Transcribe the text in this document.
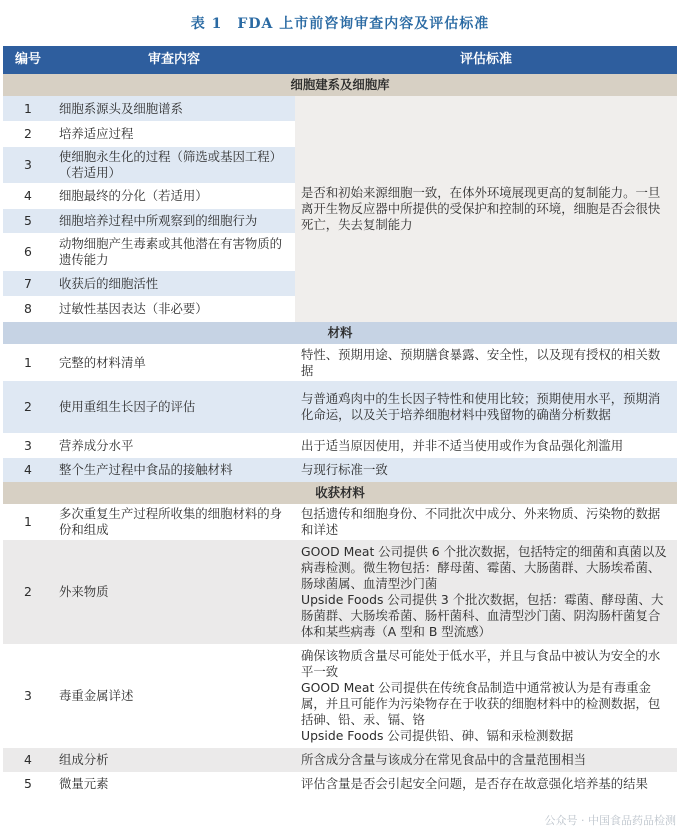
表 1　FDA 上市前咨询审查内容及评估标准
编号	审查内容	评估标准
细胞建系及细胞库		
1	细胞系源头及细胞谱系	是否和初始来源细胞一致，在体外环境展现更高的复制能力。一旦离开生物反应器中所提供的受保护和控制的环境，细胞是否会很快死亡，失去复制能力
2	培养适应过程	
3	使细胞永生化的过程（筛选或基因工程）（若适用）	
4	细胞最终的分化（若适用）	
5	细胞培养过程中所观察到的细胞行为	
6	动物细胞产生毒素或其他潜在有害物质的遗传能力	
7	收获后的细胞活性	
8	过敏性基因表达（非必要）	
材料		
1	完整的材料清单	特性、预期用途、预期膳食暴露、安全性，以及现有授权的相关数据
2	使用重组生长因子的评估	与普通鸡肉中的生长因子特性和使用比较；预期使用水平，预期消化命运，以及关于培养细胞材料中残留物的确凿分析数据
3	营养成分水平	出于适当原因使用，并非不适当使用或作为食品强化剂滥用
4	整个生产过程中食品的接触材料	与现行标准一致
收获材料		
1	多次重复生产过程所收集的细胞材料的身份和组成	包括遗传和细胞身份、不同批次中成分、外来物质、污染物的数据和详述
2	外来物质	GOOD Meat 公司提供 6 个批次数据，包括特定的细菌和真菌以及病毒检测。微生物包括：酵母菌、霉菌、大肠菌群、大肠埃希菌、肠球菌属、血清型沙门菌
Upside Foods 公司提供 3 个批次数据，包括：霉菌、酵母菌、大肠菌群、大肠埃希菌、肠杆菌科、血清型沙门菌、阴沟肠杆菌复合体和某些病毒（A 型和 B 型流感）

3	毒重金属详述	确保该物质含量尽可能处于低水平，并且与食品中被认为安全的水平一致
GOOD Meat 公司提供在传统食品制造中通常被认为是有毒重金属，并且可能作为污染物存在于收获的细胞材料中的检测数据，包括砷、铅、汞、镉、铬
Upside Foods 公司提供铅、砷、镉和汞检测数据

4	组成分析	所含成分含量与该成分在常见食品中的含量范围相当
5	微量元素	评估含量是否会引起安全问题，是否存在故意强化培养基的结果
公众号 · 中国食品药品检测
